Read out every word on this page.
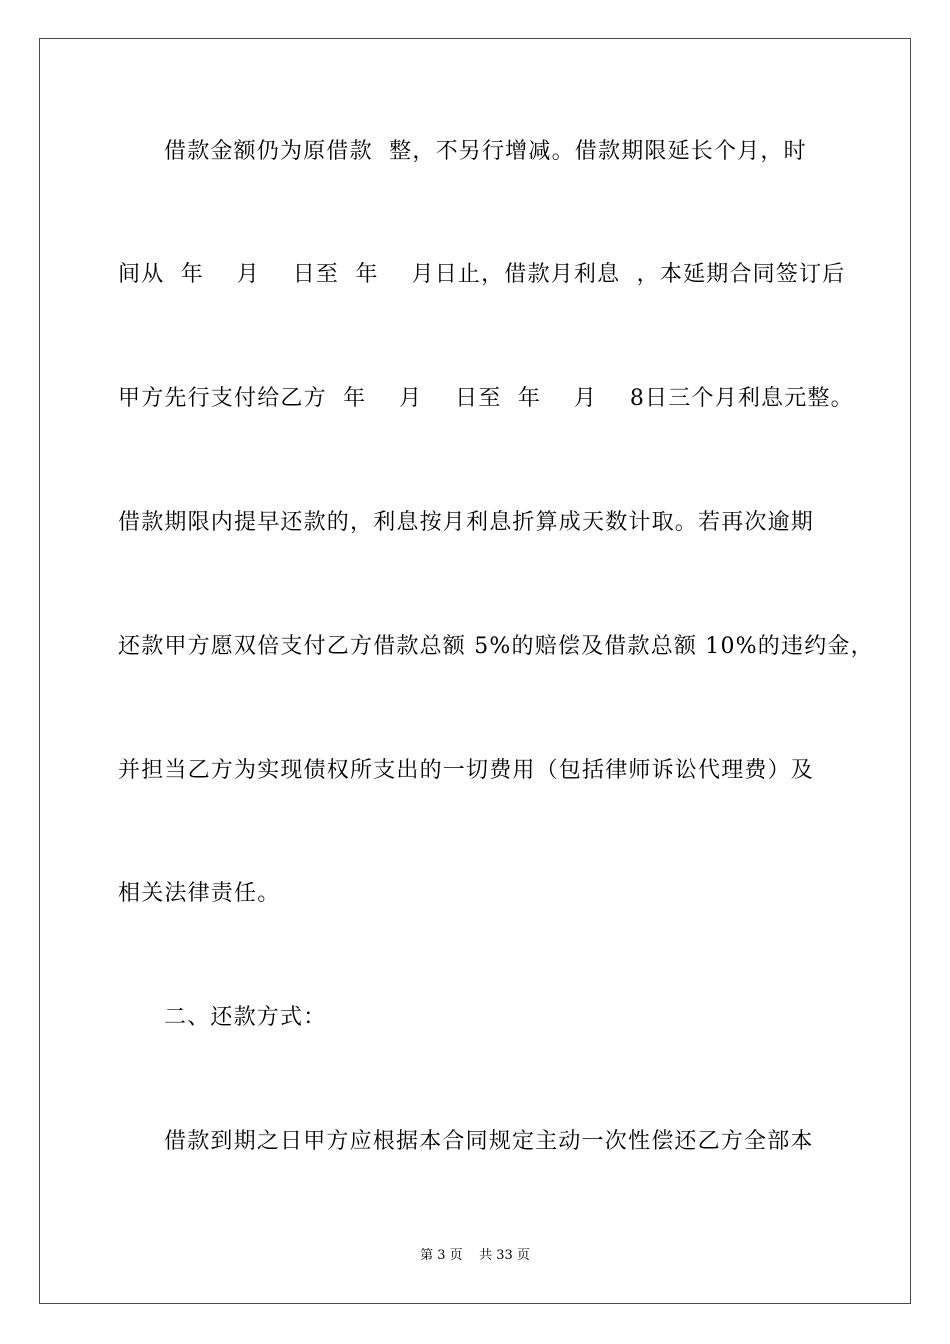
借款金额仍为原借款  整，不另行增减。借款期限延长个月，时
间从  年    月    日至  年    月日止，借款月利息  ，本延期合同签订后
甲方先行支付给乙方  年    月    日至  年    月    8日三个月利息元整。
借款期限内提早还款的，利息按月利息折算成天数计取。若再次逾期
还款甲方愿双倍支付乙方借款总额 5%的赔偿及借款总额 10%的违约金，
并担当乙方为实现债权所支出的一切费用（包括律师诉讼代理费）及
相关法律责任。
二、还款方式：
借款到期之日甲方应根据本合同规定主动一次性偿还乙方全部本
第 3 页    共 33 页
